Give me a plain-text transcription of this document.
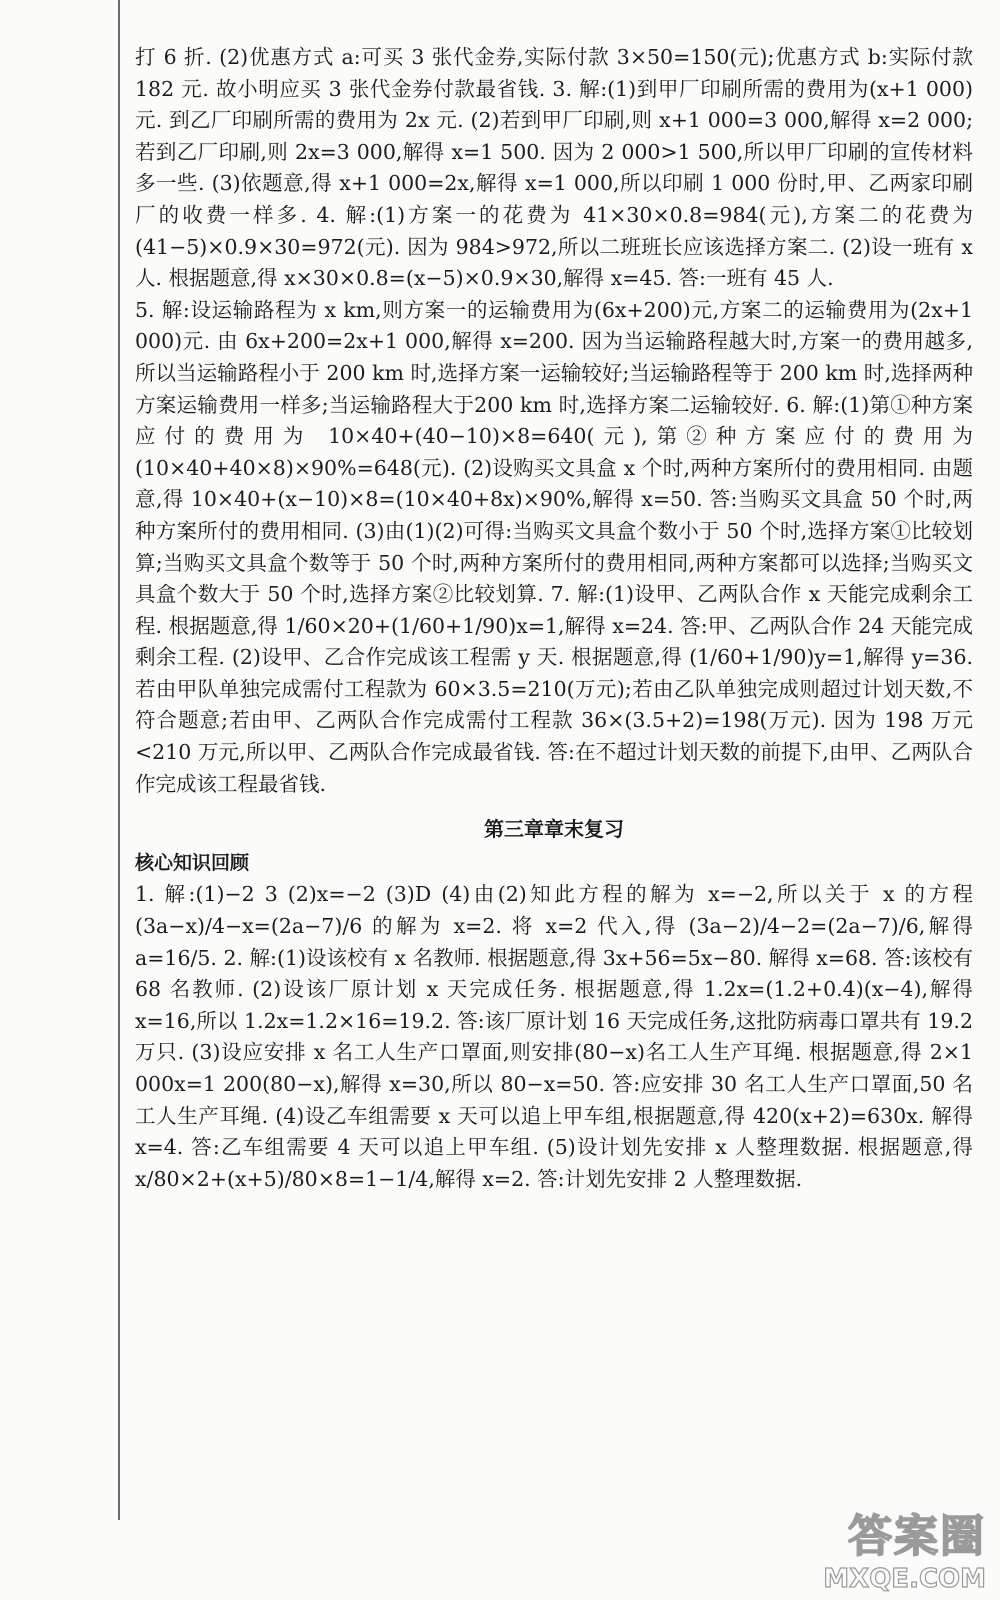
打 6 折. (2)优惠方式 a:可买 3 张代金券,实际付款 3×50=150(元);优惠方式 b:实际付款 182 元. 故小明应买 3 张代金券付款最省钱. 3. 解:(1)到甲厂印刷所需的费用为(x+1 000)元. 到乙厂印刷所需的费用为 2x 元. (2)若到甲厂印刷,则 x+1 000=3 000,解得 x=2 000;若到乙厂印刷,则 2x=3 000,解得 x=1 500. 因为 2 000>1 500,所以甲厂印刷的宣传材料多一些. (3)依题意,得 x+1 000=2x,解得 x=1 000,所以印刷 1 000 份时,甲、乙两家印刷厂的收费一样多. 4. 解:(1)方案一的花费为 41×30×0.8=984(元),方案二的花费为(41−5)×0.9×30=972(元). 因为 984>972,所以二班班长应该选择方案二. (2)设一班有 x 人. 根据题意,得 x×30×0.8=(x−5)×0.9×30,解得 x=45. 答:一班有 45 人.

5. 解:设运输路程为 x km,则方案一的运输费用为(6x+200)元,方案二的运输费用为(2x+1 000)元. 由 6x+200=2x+1 000,解得 x=200. 因为当运输路程越大时,方案一的费用越多,所以当运输路程小于 200 km 时,选择方案一运输较好;当运输路程等于 200 km 时,选择两种方案运输费用一样多;当运输路程大于200 km 时,选择方案二运输较好. 6. 解:(1)第①种方案应付的费用为 10×40+(40−10)×8=640(元),第②种方案应付的费用为(10×40+40×8)×90%=648(元). (2)设购买文具盒 x 个时,两种方案所付的费用相同. 由题意,得 10×40+(x−10)×8=(10×40+8x)×90%,解得 x=50. 答:当购买文具盒 50 个时,两种方案所付的费用相同. (3)由(1)(2)可得:当购买文具盒个数小于 50 个时,选择方案①比较划算;当购买文具盒个数等于 50 个时,两种方案所付的费用相同,两种方案都可以选择;当购买文具盒个数大于 50 个时,选择方案②比较划算. 7. 解:(1)设甲、乙两队合作 x 天能完成剩余工程. 根据题意,得 1/60×20+(1/60+1/90)x=1,解得 x=24. 答:甲、乙两队合作 24 天能完成剩余工程. (2)设甲、乙合作完成该工程需 y 天. 根据题意,得 (1/60+1/90)y=1,解得 y=36. 若由甲队单独完成需付工程款为 60×3.5=210(万元);若由乙队单独完成则超过计划天数,不符合题意;若由甲、乙两队合作完成需付工程款 36×(3.5+2)=198(万元). 因为 198 万元<210 万元,所以甲、乙两队合作完成最省钱. 答:在不超过计划天数的前提下,由甲、乙两队合作完成该工程最省钱.

第三章章末复习
核心知识回顾

1. 解:(1)−2 3 (2)x=−2 (3)D (4)由(2)知此方程的解为 x=−2,所以关于 x 的方程 (3a−x)/4−x=(2a−7)/6 的解为 x=2. 将 x=2 代入,得 (3a−2)/4−2=(2a−7)/6,解得 a=16/5. 2. 解:(1)设该校有 x 名教师. 根据题意,得 3x+56=5x−80. 解得 x=68. 答:该校有 68 名教师. (2)设该厂原计划 x 天完成任务. 根据题意,得 1.2x=(1.2+0.4)(x−4),解得 x=16,所以 1.2x=1.2×16=19.2. 答:该厂原计划 16 天完成任务,这批防病毒口罩共有 19.2 万只. (3)设应安排 x 名工人生产口罩面,则安排(80−x)名工人生产耳绳. 根据题意,得 2×1 000x=1 200(80−x),解得 x=30,所以 80−x=50. 答:应安排 30 名工人生产口罩面,50 名工人生产耳绳. (4)设乙车组需要 x 天可以追上甲车组,根据题意,得 420(x+2)=630x. 解得 x=4. 答:乙车组需要 4 天可以追上甲车组. (5)设计划先安排 x 人整理数据. 根据题意,得 x/80×2+(x+5)/80×8=1−1/4,解得 x=2. 答:计划先安排 2 人整理数据.

答案圈
MXQE.COM
